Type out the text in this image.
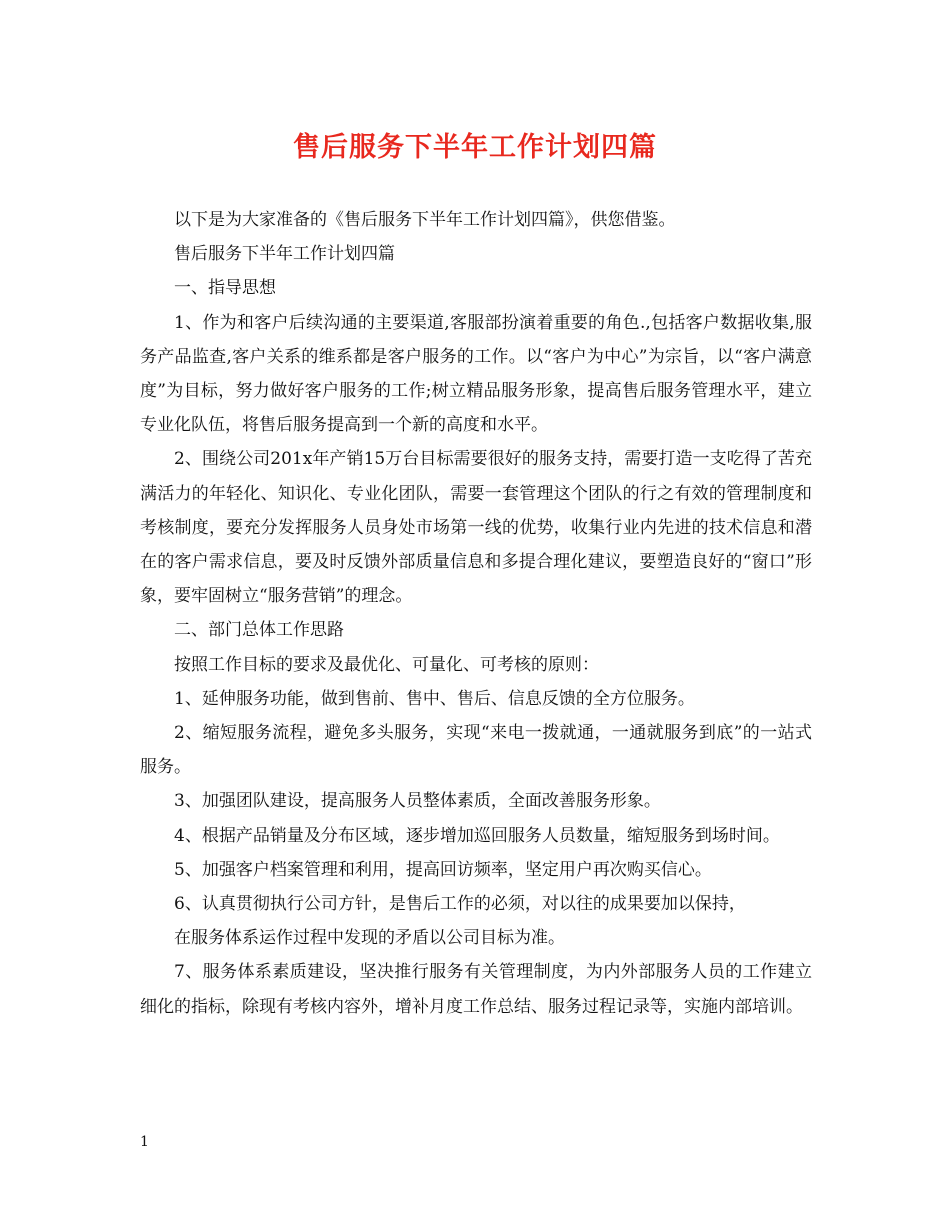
售后服务下半年工作计划四篇

以下是为大家准备的《售后服务下半年工作计划四篇》，供您借鉴。

售后服务下半年工作计划四篇

一、指导思想

1、作为和客户后续沟通的主要渠道,客服部扮演着重要的角色.,包括客户数据收集,服务产品监查,客户关系的维系都是客户服务的工作。以“客户为中心”为宗旨，以“客户满意度”为目标，努力做好客户服务的工作;树立精品服务形象，提高售后服务管理水平，建立专业化队伍，将售后服务提高到一个新的高度和水平。

2、围绕公司201x年产销15万台目标需要很好的服务支持，需要打造一支吃得了苦充满活力的年轻化、知识化、专业化团队，需要一套管理这个团队的行之有效的管理制度和考核制度，要充分发挥服务人员身处市场第一线的优势，收集行业内先进的技术信息和潜在的客户需求信息，要及时反馈外部质量信息和多提合理化建议，要塑造良好的“窗口”形象，要牢固树立“服务营销”的理念。

二、部门总体工作思路

按照工作目标的要求及最优化、可量化、可考核的原则：

1、延伸服务功能，做到售前、售中、售后、信息反馈的全方位服务。

2、缩短服务流程，避免多头服务，实现“来电一拨就通，一通就服务到底”的一站式服务。

3、加强团队建设，提高服务人员整体素质，全面改善服务形象。

4、根据产品销量及分布区域，逐步增加巡回服务人员数量，缩短服务到场时间。

5、加强客户档案管理和利用，提高回访频率，坚定用户再次购买信心。

6、认真贯彻执行公司方针，是售后工作的必须，对以往的成果要加以保持，

在服务体系运作过程中发现的矛盾以公司目标为准。

7、服务体系素质建设，坚决推行服务有关管理制度，为内外部服务人员的工作建立细化的指标，除现有考核内容外，增补月度工作总结、服务过程记录等，实施内部培训。

1
